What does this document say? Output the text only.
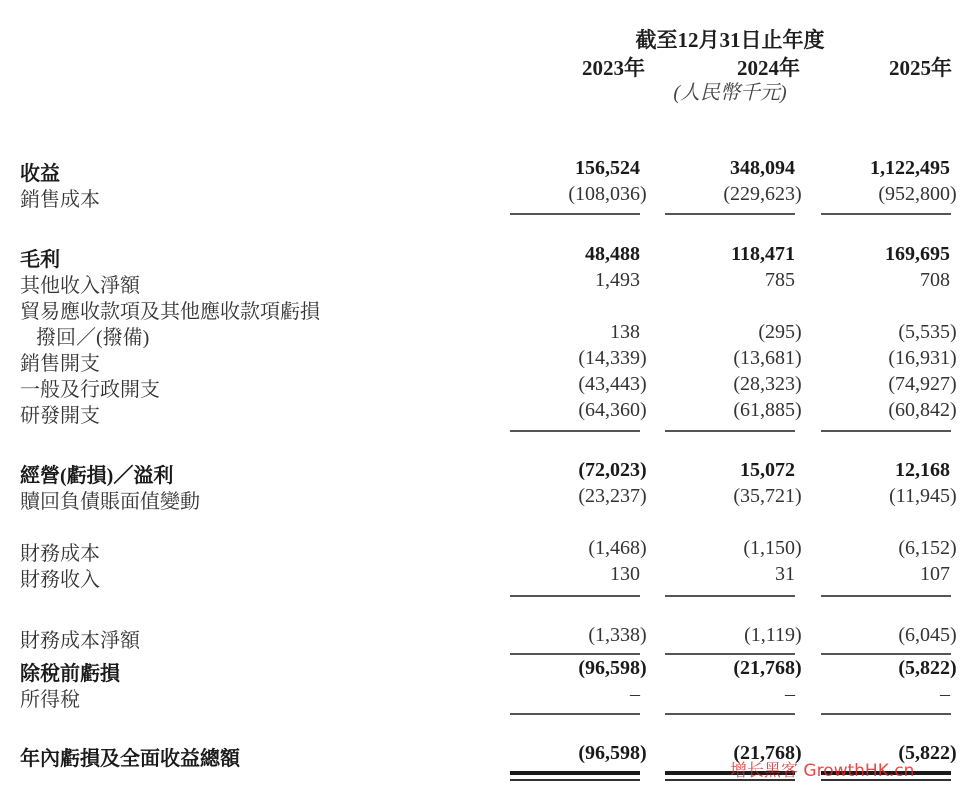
截至12月31日止年度
2023年	2024年	2025年
(人民幣千元)
收益	156,524	348,094	1,122,495
銷售成本	(108,036)	(229,623)	(952,800)
毛利	48,488	118,471	169,695
其他收入淨額	1,493	785	708
貿易應收款項及其他應收款項虧損
撥回／(撥備)	138	(295)	(5,535)
銷售開支	(14,339)	(13,681)	(16,931)
一般及行政開支	(43,443)	(28,323)	(74,927)
研發開支	(64,360)	(61,885)	(60,842)
經營(虧損)／溢利	(72,023)	15,072	12,168
贖回負債賬面值變動	(23,237)	(35,721)	(11,945)
財務成本	(1,468)	(1,150)	(6,152)
財務收入	130	31	107
財務成本淨額	(1,338)	(1,119)	(6,045)
除稅前虧損	(96,598)	(21,768)	(5,822)
所得稅	–	–	–
年內虧損及全面收益總額	(96,598)	(21,768)	(5,822)
增长黑客 GrowthHK.cn
